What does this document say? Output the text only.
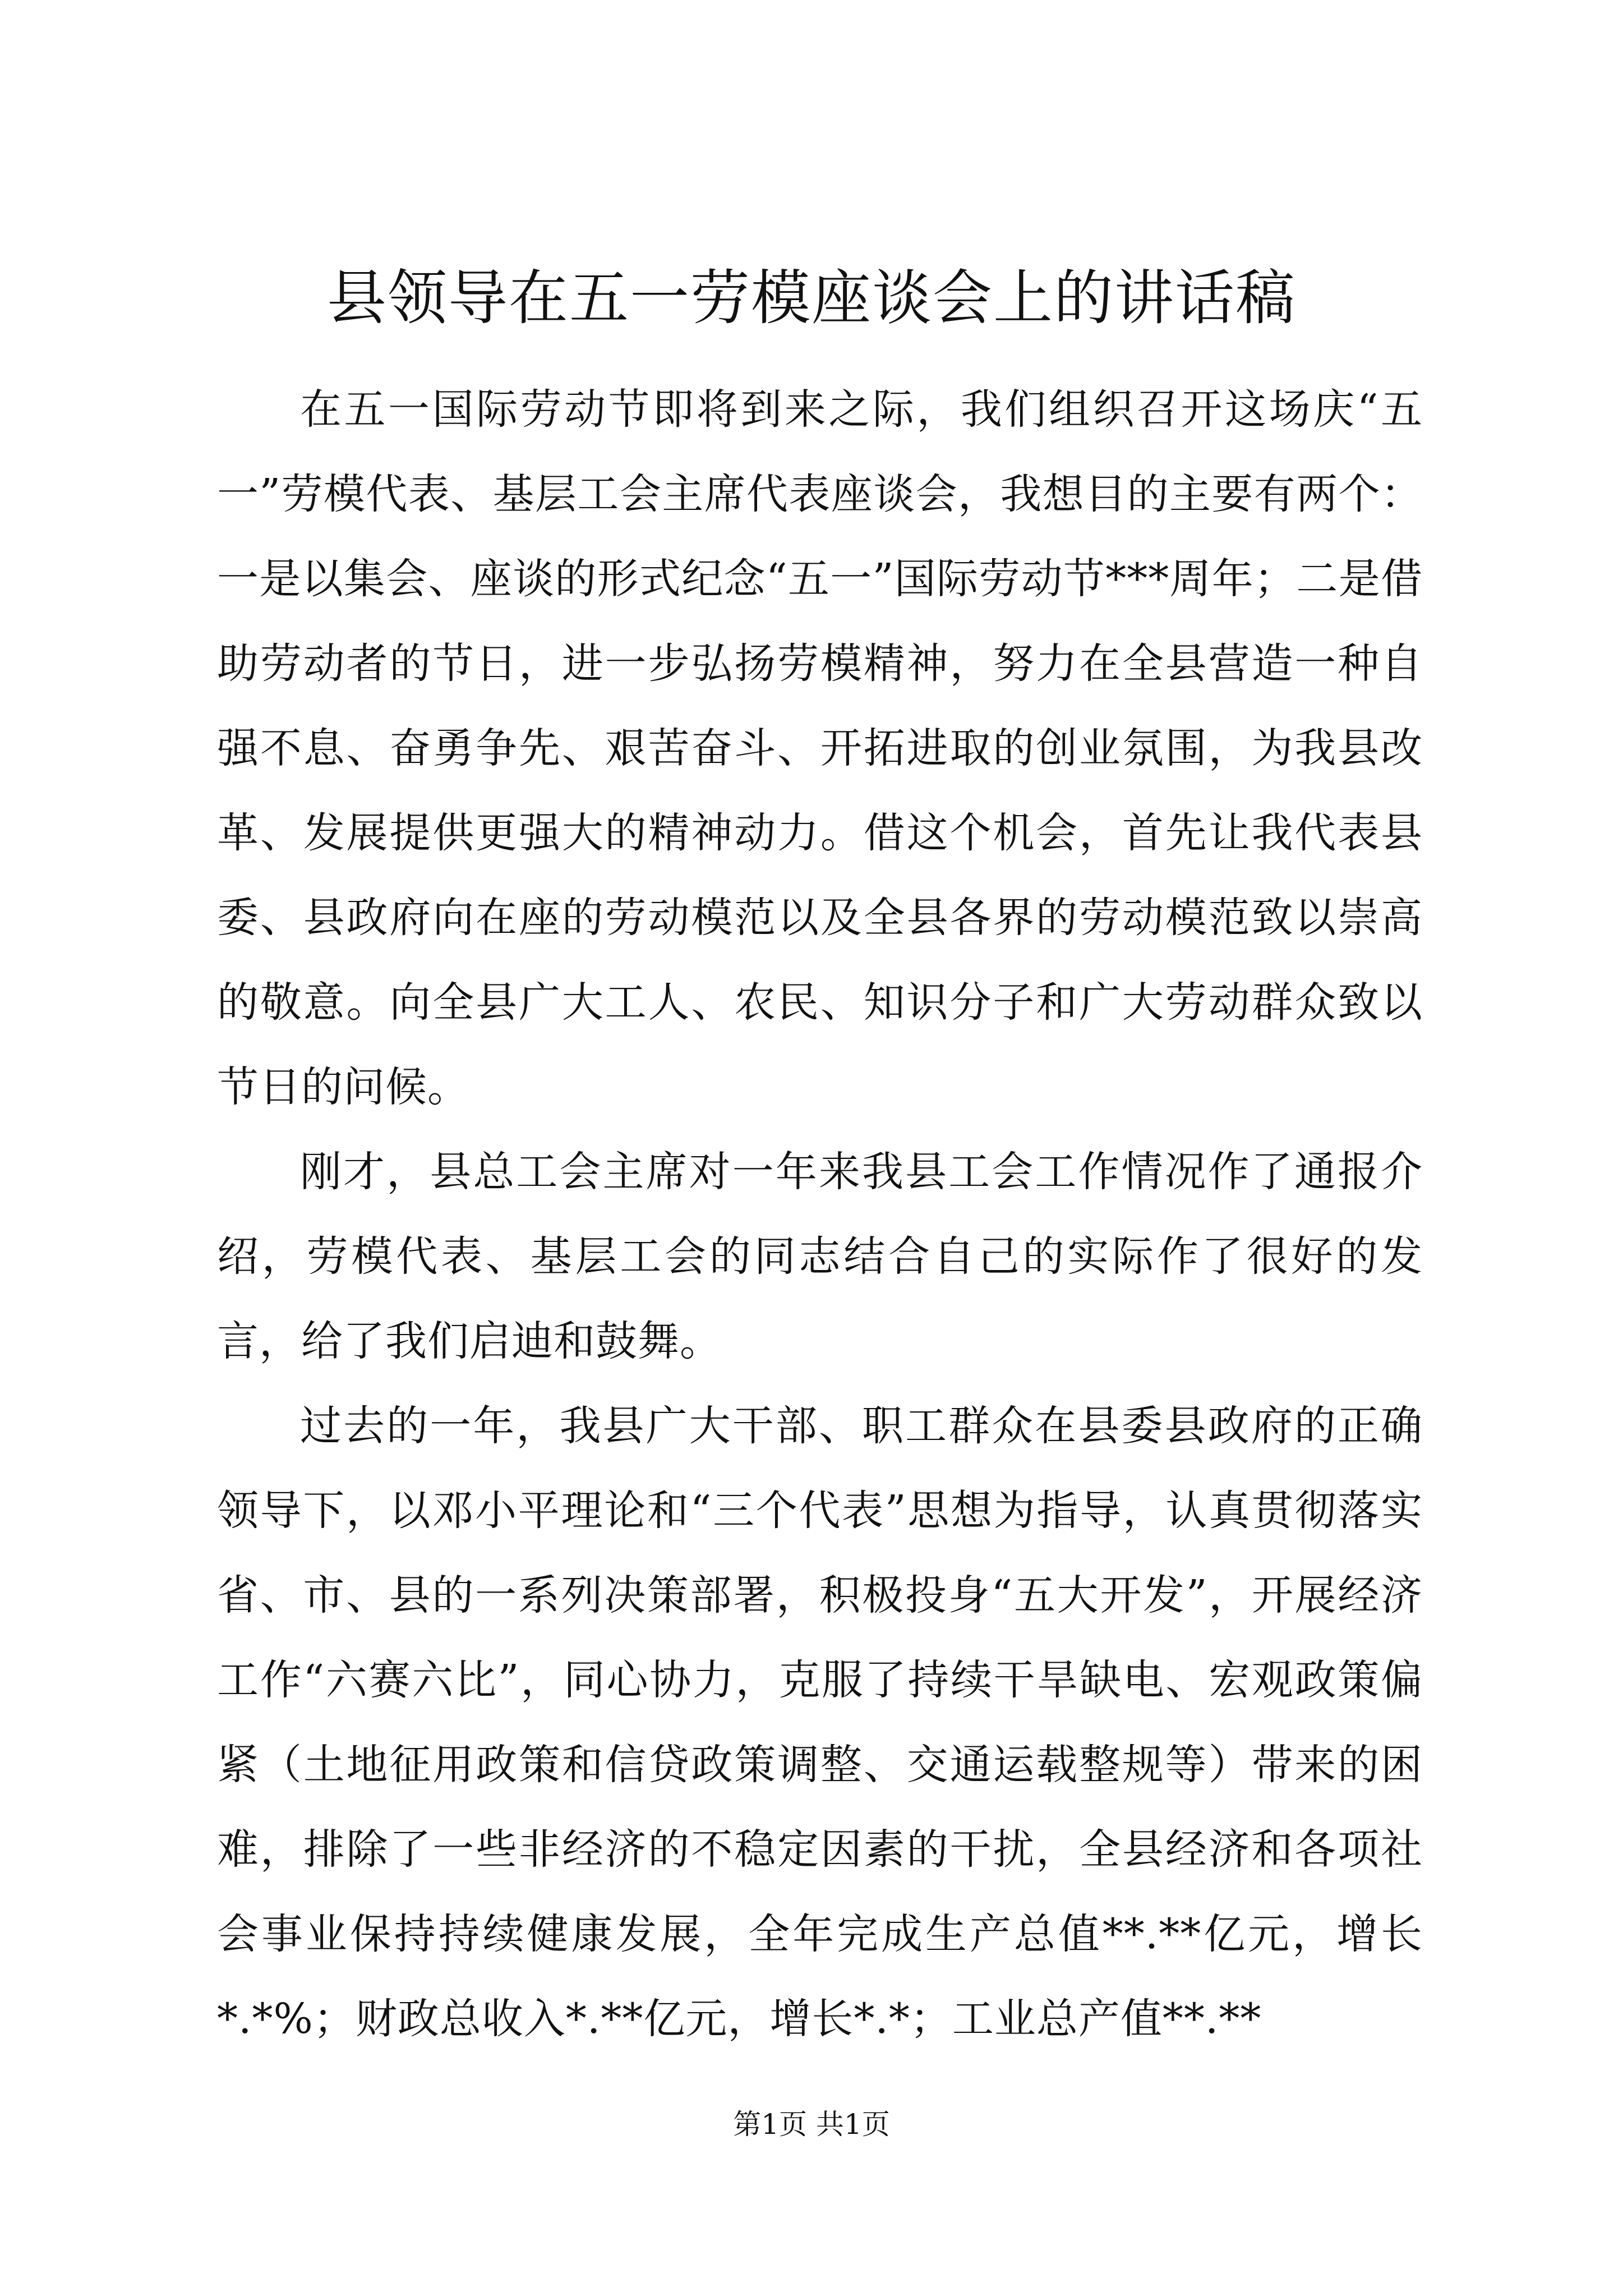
县领导在五一劳模座谈会上的讲话稿

在五一国际劳动节即将到来之际，我们组织召开这场庆“五一”劳模代表、基层工会主席代表座谈会，我想目的主要有两个：一是以集会、座谈的形式纪念“五一”国际劳动节***周年；二是借助劳动者的节日，进一步弘扬劳模精神，努力在全县营造一种自强不息、奋勇争先、艰苦奋斗、开拓进取的创业氛围，为我县改革、发展提供更强大的精神动力。借这个机会，首先让我代表县委、县政府向在座的劳动模范以及全县各界的劳动模范致以崇高的敬意。向全县广大工人、农民、知识分子和广大劳动群众致以节日的问候。

刚才，县总工会主席对一年来我县工会工作情况作了通报介绍，劳模代表、基层工会的同志结合自己的实际作了很好的发言，给了我们启迪和鼓舞。

过去的一年，我县广大干部、职工群众在县委县政府的正确领导下，以邓小平理论和“三个代表”思想为指导，认真贯彻落实省、市、县的一系列决策部署，积极投身“五大开发”，开展经济工作“六赛六比”，同心协力，克服了持续干旱缺电、宏观政策偏紧（土地征用政策和信贷政策调整、交通运载整规等）带来的困难，排除了一些非经济的不稳定因素的干扰，全县经济和各项社会事业保持持续健康发展，全年完成生产总值**.**亿元，增长*.*%；财政总收入*.**亿元，增长*.*；工业总产值**.**

第1页 共1页
